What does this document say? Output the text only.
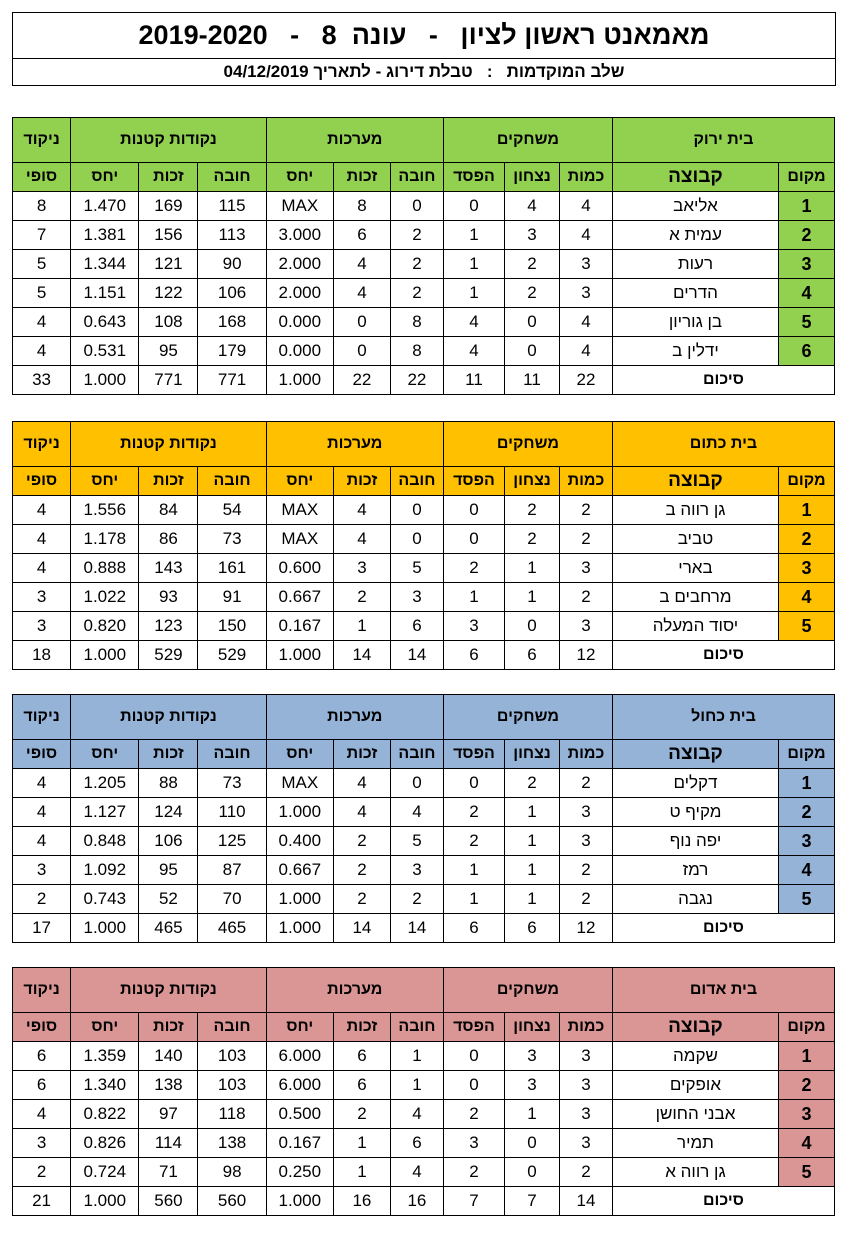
מאמאנט ראשון לציון   -   עונה  8   -   2019-2020
שלב המוקדמות   :   טבלת דירוג - לתאריך 04/12/2019
בית ירוק		משחקים			מערכות			נקודות קטנות			ניקוד
מקום	קבוצה	כמות	נצחון	הפסד	חובה	זכות	יחס	חובה	זכות	יחס	סופי
1	אליאב	4	4	0	0	8	MAX	115	169	1.470	8
2	עמית א	4	3	1	2	6	3.000	113	156	1.381	7
3	רעות	3	2	1	2	4	2.000	90	121	1.344	5
4	הדרים	3	2	1	2	4	2.000	106	122	1.151	5
5	בן גוריון	4	0	4	8	0	0.000	168	108	0.643	4
6	ידלין ב	4	0	4	8	0	0.000	179	95	0.531	4
סיכום		22	11	11	22	22	1.000	771	771	1.000	33
בית כתום		משחקים			מערכות			נקודות קטנות			ניקוד
מקום	קבוצה	כמות	נצחון	הפסד	חובה	זכות	יחס	חובה	זכות	יחס	סופי
1	גן רווה ב	2	2	0	0	4	MAX	54	84	1.556	4
2	טביב	2	2	0	0	4	MAX	73	86	1.178	4
3	בארי	3	1	2	5	3	0.600	161	143	0.888	4
4	מרחבים ב	2	1	1	3	2	0.667	91	93	1.022	3
5	יסוד המעלה	3	0	3	6	1	0.167	150	123	0.820	3
סיכום		12	6	6	14	14	1.000	529	529	1.000	18
בית כחול		משחקים			מערכות			נקודות קטנות			ניקוד
מקום	קבוצה	כמות	נצחון	הפסד	חובה	זכות	יחס	חובה	זכות	יחס	סופי
1	דקלים	2	2	0	0	4	MAX	73	88	1.205	4
2	מקיף ט	3	1	2	4	4	1.000	110	124	1.127	4
3	יפה נוף	3	1	2	5	2	0.400	125	106	0.848	4
4	רמז	2	1	1	3	2	0.667	87	95	1.092	3
5	נגבה	2	1	1	2	2	1.000	70	52	0.743	2
סיכום		12	6	6	14	14	1.000	465	465	1.000	17
בית אדום		משחקים			מערכות			נקודות קטנות			ניקוד
מקום	קבוצה	כמות	נצחון	הפסד	חובה	זכות	יחס	חובה	זכות	יחס	סופי
1	שקמה	3	3	0	1	6	6.000	103	140	1.359	6
2	אופקים	3	3	0	1	6	6.000	103	138	1.340	6
3	אבני החושן	3	1	2	4	2	0.500	118	97	0.822	4
4	תמיר	3	0	3	6	1	0.167	138	114	0.826	3
5	גן רווה א	2	0	2	4	1	0.250	98	71	0.724	2
סיכום		14	7	7	16	16	1.000	560	560	1.000	21
